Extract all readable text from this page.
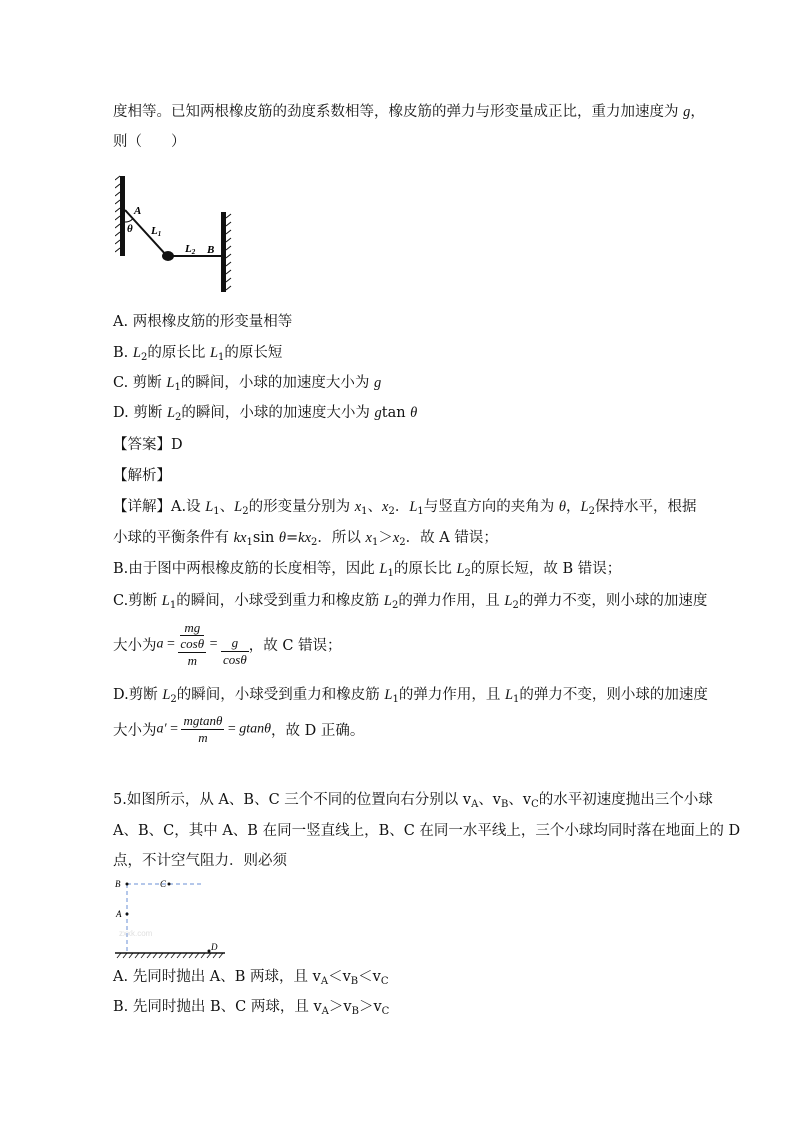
度相等。已知两根橡皮筋的劲度系数相等，橡皮筋的弹力与形变量成正比，重力加速度为 g，
则（　　）
A
θ L1
L2 B
A. 两根橡皮筋的形变量相等
B. $L_2$的原长比 $L_1$的原长短
C. 剪断 $L_1$的瞬间，小球的加速度大小为 g
D. 剪断 $L_2$的瞬间，小球的加速度大小为 gtan θ
【答案】D
【解析】
【详解】A.设 $L_1$、$L_2$的形变量分别为 $x_1$、$x_2$．$L_1$与竖直方向的夹角为 θ，$L_2$保持水平，根据
小球的平衡条件有 $kx_1\sin$ $\theta=kx_2$．所以 $x_1>x_2$．故 A 错误；
B.由于图中两根橡皮筋的长度相等，因此 $L_1$的原长比 $L_2$的原长短，故 B 错误；
C.剪断 $L_1$的瞬间，小球受到重力和橡皮筋 $L_2$的弹力作用，且 $L_2$的弹力不变，则小球的加速度
大小为a = mg
cosθ
$m = \frac{g}{\cos\theta}$ ，故 C 错误；
D.剪断 $L_2$的瞬间，小球受到重力和橡皮筋 $L_1$的弹力作用，且 $L_1$的弹力不变，则小球的加速度
大小为$a' = \frac{mgtan\theta}{m} = gtan\theta$，故 D 正确。
5.如图所示，从 A、B、C 三个不同的位置向右分别以 $v_A$、$v_B$、$v_C$的水平初速度抛出三个小球
A、B、C，其中 A、B 在同一竖直线上，B、C 在同一水平线上，三个小球均同时落在地面上的 D
点，不计空气阻力．则必须
B	C
A
D
zxxk.com
A. 先同时抛出 A、B 两球，且 $v_A<v_B<v_C$
B. 先同时抛出 B、C 两球，且 $v_A>v_B>v_C$
